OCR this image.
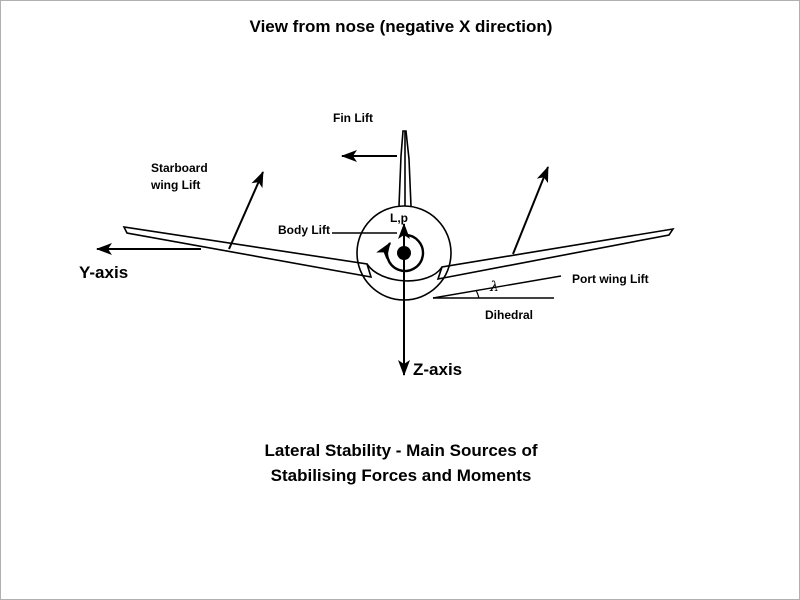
View from nose (negative X direction)
Fin Lift
Starboard
wing Lift
Body Lift
L,p
Port wing Lift
Dihedral
λ
Y-axis
Z-axis
Lateral Stability - Main Sources of
Stabilising Forces and Moments
